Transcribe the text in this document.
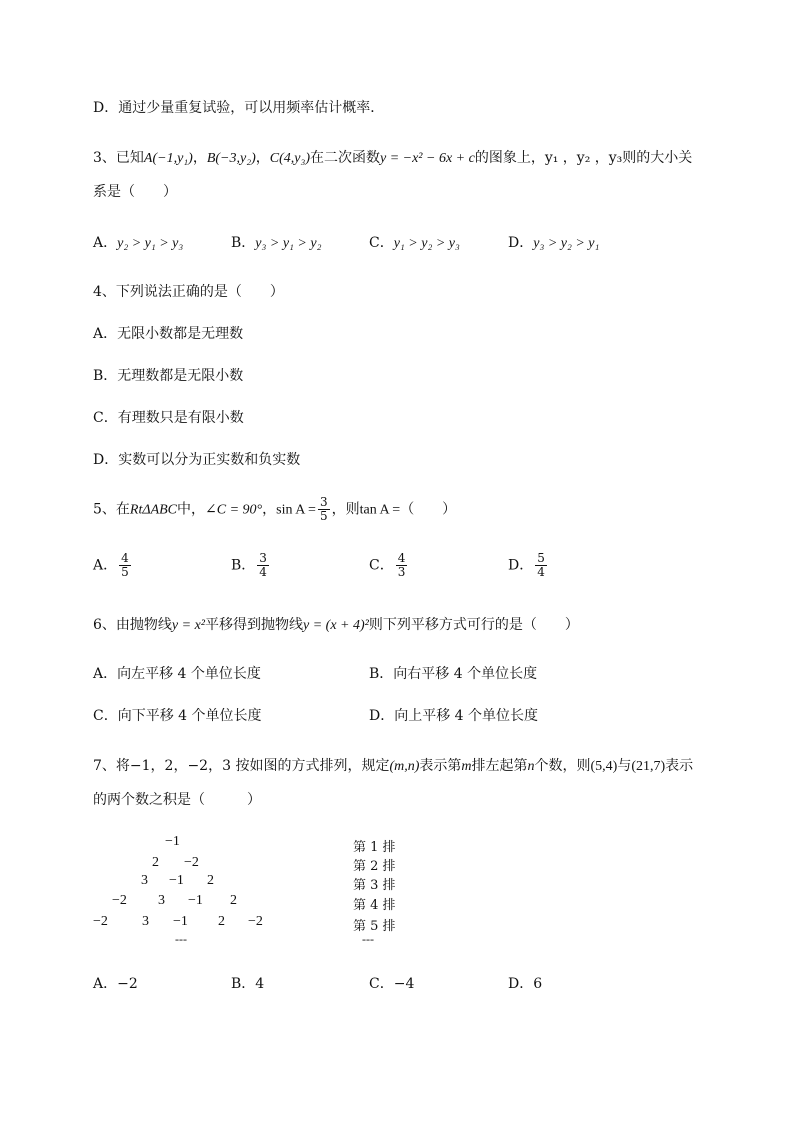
D．通过少量重复试验，可以用频率估计概率．
3、已知A(−1,y₁)，B(−3,y₂)，C(4,y₃)在二次函数y = −x² − 6x + c的图象上，y₁ ，y₂ ，y₃则的大小关
系是（　　）
A．y₂ > y₁ > y₃	B．y₃ > y₁ > y₂	C．y₁ > y₂ > y₃	D．y₃ > y₂ > y₁
4、下列说法正确的是（　　）
A．无限小数都是无理数
B．无理数都是无限小数
C．有理数只是有限小数
D．实数可以分为正实数和负实数
5、在RtΔABC中，∠C = 90°，$\sin A = \frac{3}{5}$ ，则tan A =（　　）
A． $\frac{4}{5}$	B． $\frac{3}{4}$	C． $\frac{4}{3}$	D． $\frac{5}{4}$
6、由抛物线y = x²平移得到抛物线y = (x + 4)²则下列平移方式可行的是（　　）
A．向左平移 4 个单位长度	B．向右平移 4 个单位长度
C．向下平移 4 个单位长度	D．向上平移 4 个单位长度
7、将−1，2，−2，3 按如图的方式排列，规定(m,n)表示第m排左起第n个数，则(5,4)与(21,7)表示
的两个数之积是（　　　）
−1
2 −2
3 −1 2
−2 3 −1 2
−2 3 −1 2 −2
---
第 1 排
第 2 排
第 3 排
第 4 排
第 5 排
---
A．−2	B．4	C．−4	D．6
